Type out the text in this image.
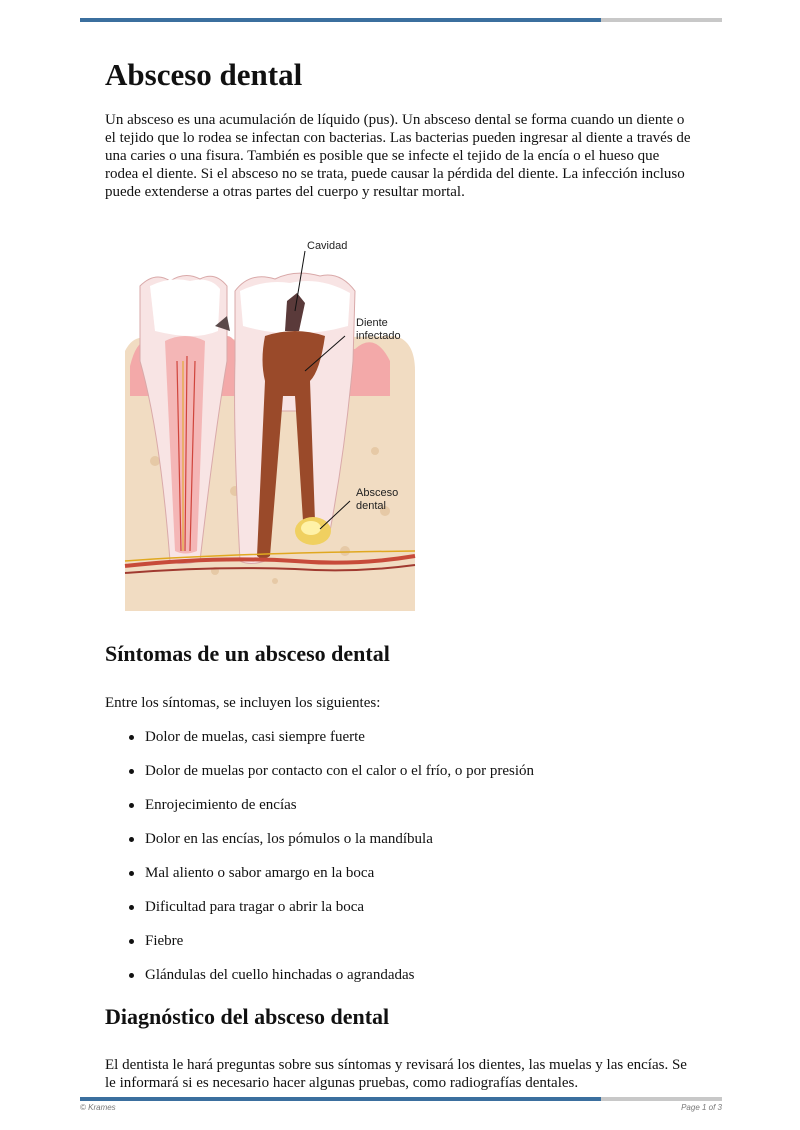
Absceso dental

Un absceso es una acumulación de líquido (pus). Un absceso dental se forma cuando un diente o el tejido que lo rodea se infectan con bacterias. Las bacterias pueden ingresar al diente a través de una caries o una fisura. También es posible que se infecte el tejido de la encía o el hueso que rodea el diente. Si el absceso no se trata, puede causar la pérdida del diente. La infección incluso puede extenderse a otras partes del cuerpo y resultar mortal.

Cavidad
Diente
infectado
Absceso
dental
Síntomas de un absceso dental

Entre los síntomas, se incluyen los siguientes:

Dolor de muelas, casi siempre fuerte
Dolor de muelas por contacto con el calor o el frío, o por presión
Enrojecimiento de encías
Dolor en las encías, los pómulos o la mandíbula
Mal aliento o sabor amargo en la boca
Dificultad para tragar o abrir la boca
Fiebre
Glándulas del cuello hinchadas o agrandadas
Diagnóstico del absceso dental

El dentista le hará preguntas sobre sus síntomas y revisará los dientes, las muelas y las encías. Se le informará si es necesario hacer algunas pruebas, como radiografías dentales.

© Krames	Page 1 of 3
